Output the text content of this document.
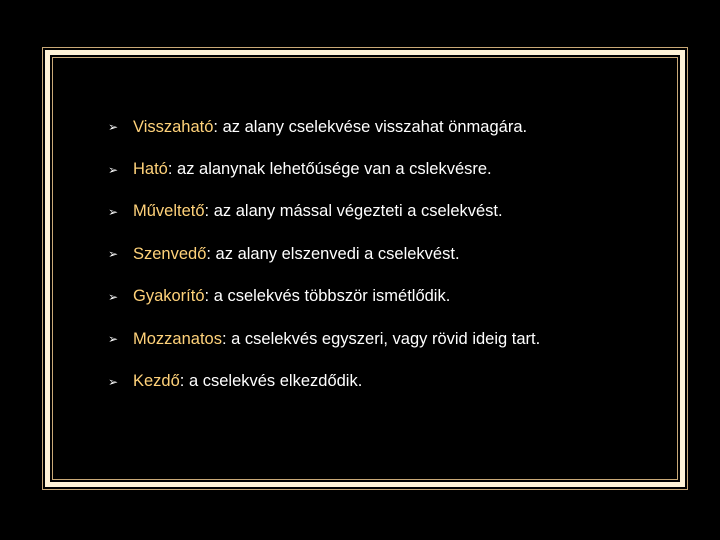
➢ Visszaható : az alany cselekvése visszahat önmagára.
➢ Ható : az alanynak lehetőúsége van a cslekvésre.
➢ Műveltető : az alany mással végezteti a cselekvést.
➢ Szenvedő : az alany elszenvedi a cselekvést.
➢ Gyakorító : a cselekvés többször ismétlődik.
➢ Mozzanatos : a cselekvés egyszeri, vagy rövid ideig tart.
➢ Kezdő : a cselekvés elkezdődik.
